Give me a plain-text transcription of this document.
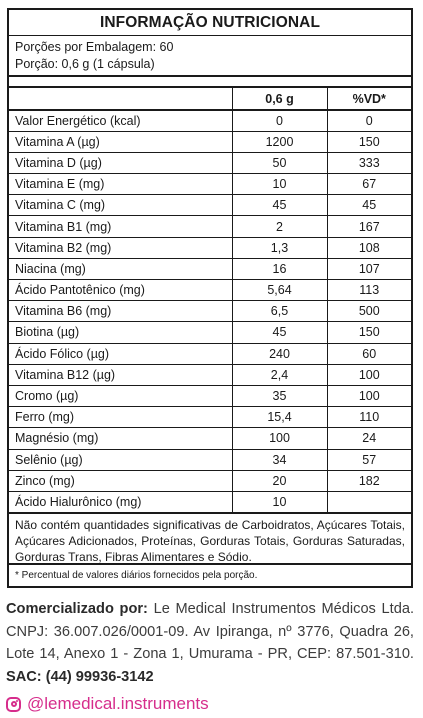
INFORMAÇÃO NUTRICIONAL
Porções por Embalagem: 60
Porção: 0,6 g (1 cápsula)
	0,6 g	%VD*
Valor Energético (kcal)	0	0
Vitamina A (µg)	1200	150
Vitamina D (µg)	50	333
Vitamina E (mg)	10	67
Vitamina C (mg)	45	45
Vitamina B1 (mg)	2	167
Vitamina B2 (mg)	1,3	108
Niacina (mg)	16	107
Ácido Pantotênico (mg)	5,64	113
Vitamina B6 (mg)	6,5	500
Biotina (µg)	45	150
Ácido Fólico (µg)	240	60
Vitamina B12 (µg)	2,4	100
Cromo (µg)	35	100
Ferro (mg)	15,4	110
Magnésio (mg)	100	24
Selênio (µg)	34	57
Zinco (mg)	20	182
Ácido Hialurônico (mg)	10	
Não contém quantidades significativas de Carboidratos, Açúcares Totais, Açúcares Adicionados, Proteínas, Gorduras Totais, Gorduras Saturadas, Gorduras Trans, Fibras Alimentares e Sódio.
* Percentual de valores diários fornecidos pela porção.
Comercializado por: Le Medical Instrumentos Médicos Ltda. CNPJ: 36.007.026/0001-09. Av Ipiranga, nº 3776, Quadra 26, Lote 14, Anexo 1 - Zona 1, Umurama - PR, CEP: 87.501-310. SAC: (44) 99936-3142
@lemedical.instruments
